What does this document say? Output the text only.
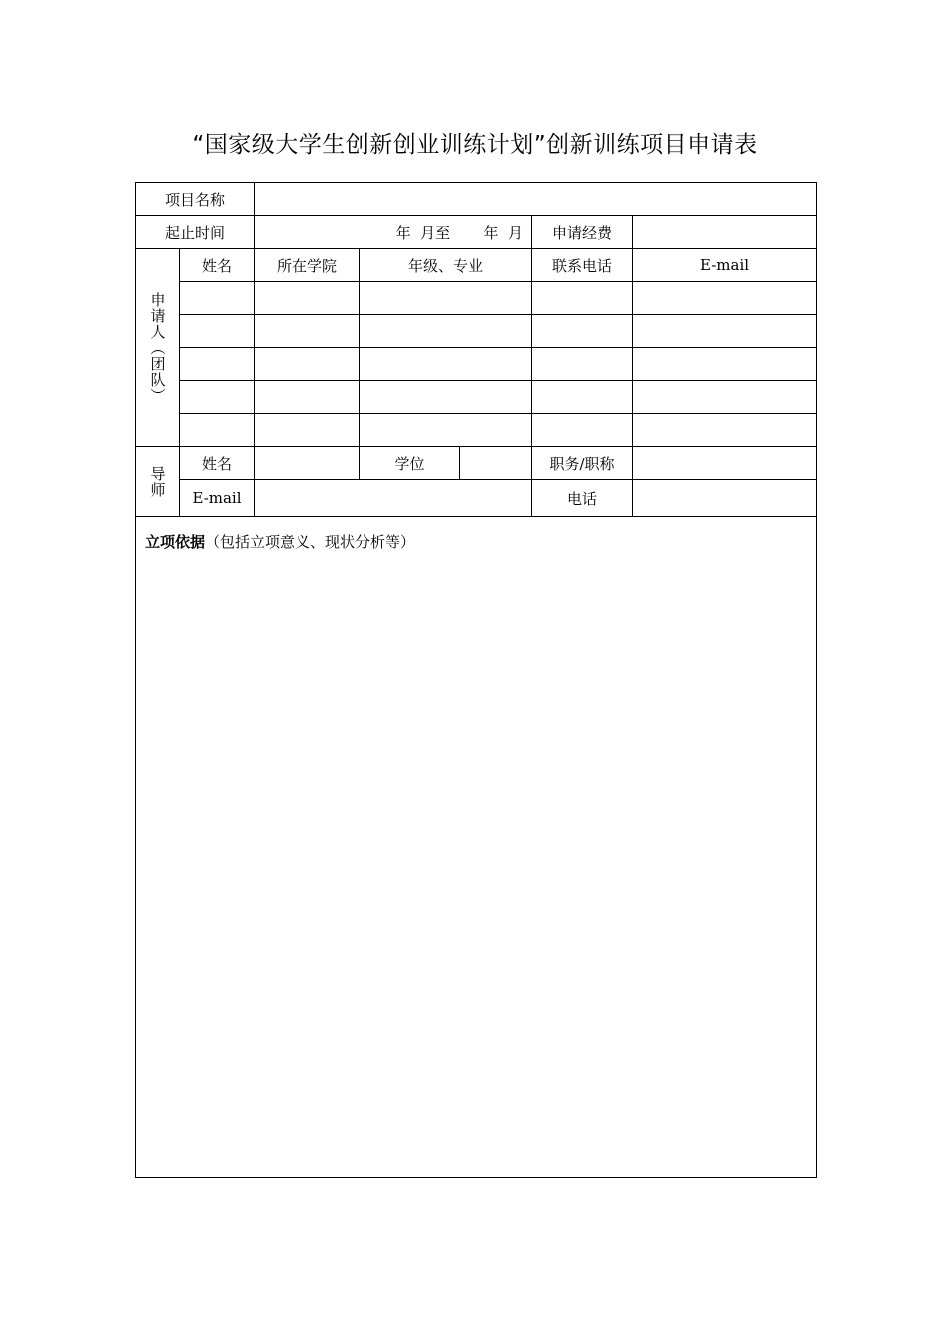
“国家级大学生创新创业训练计划”创新训练项目申请表
项目名称						
起止时间		年  月至       年  月			申请经费	

申请人（团队）	姓名	所在学院	年级、专业		联系电话	E-mail

导师	姓名		学位		职务/职称	
	E-mail				电话	
立项依据（包括立项意义、现状分析等）						
